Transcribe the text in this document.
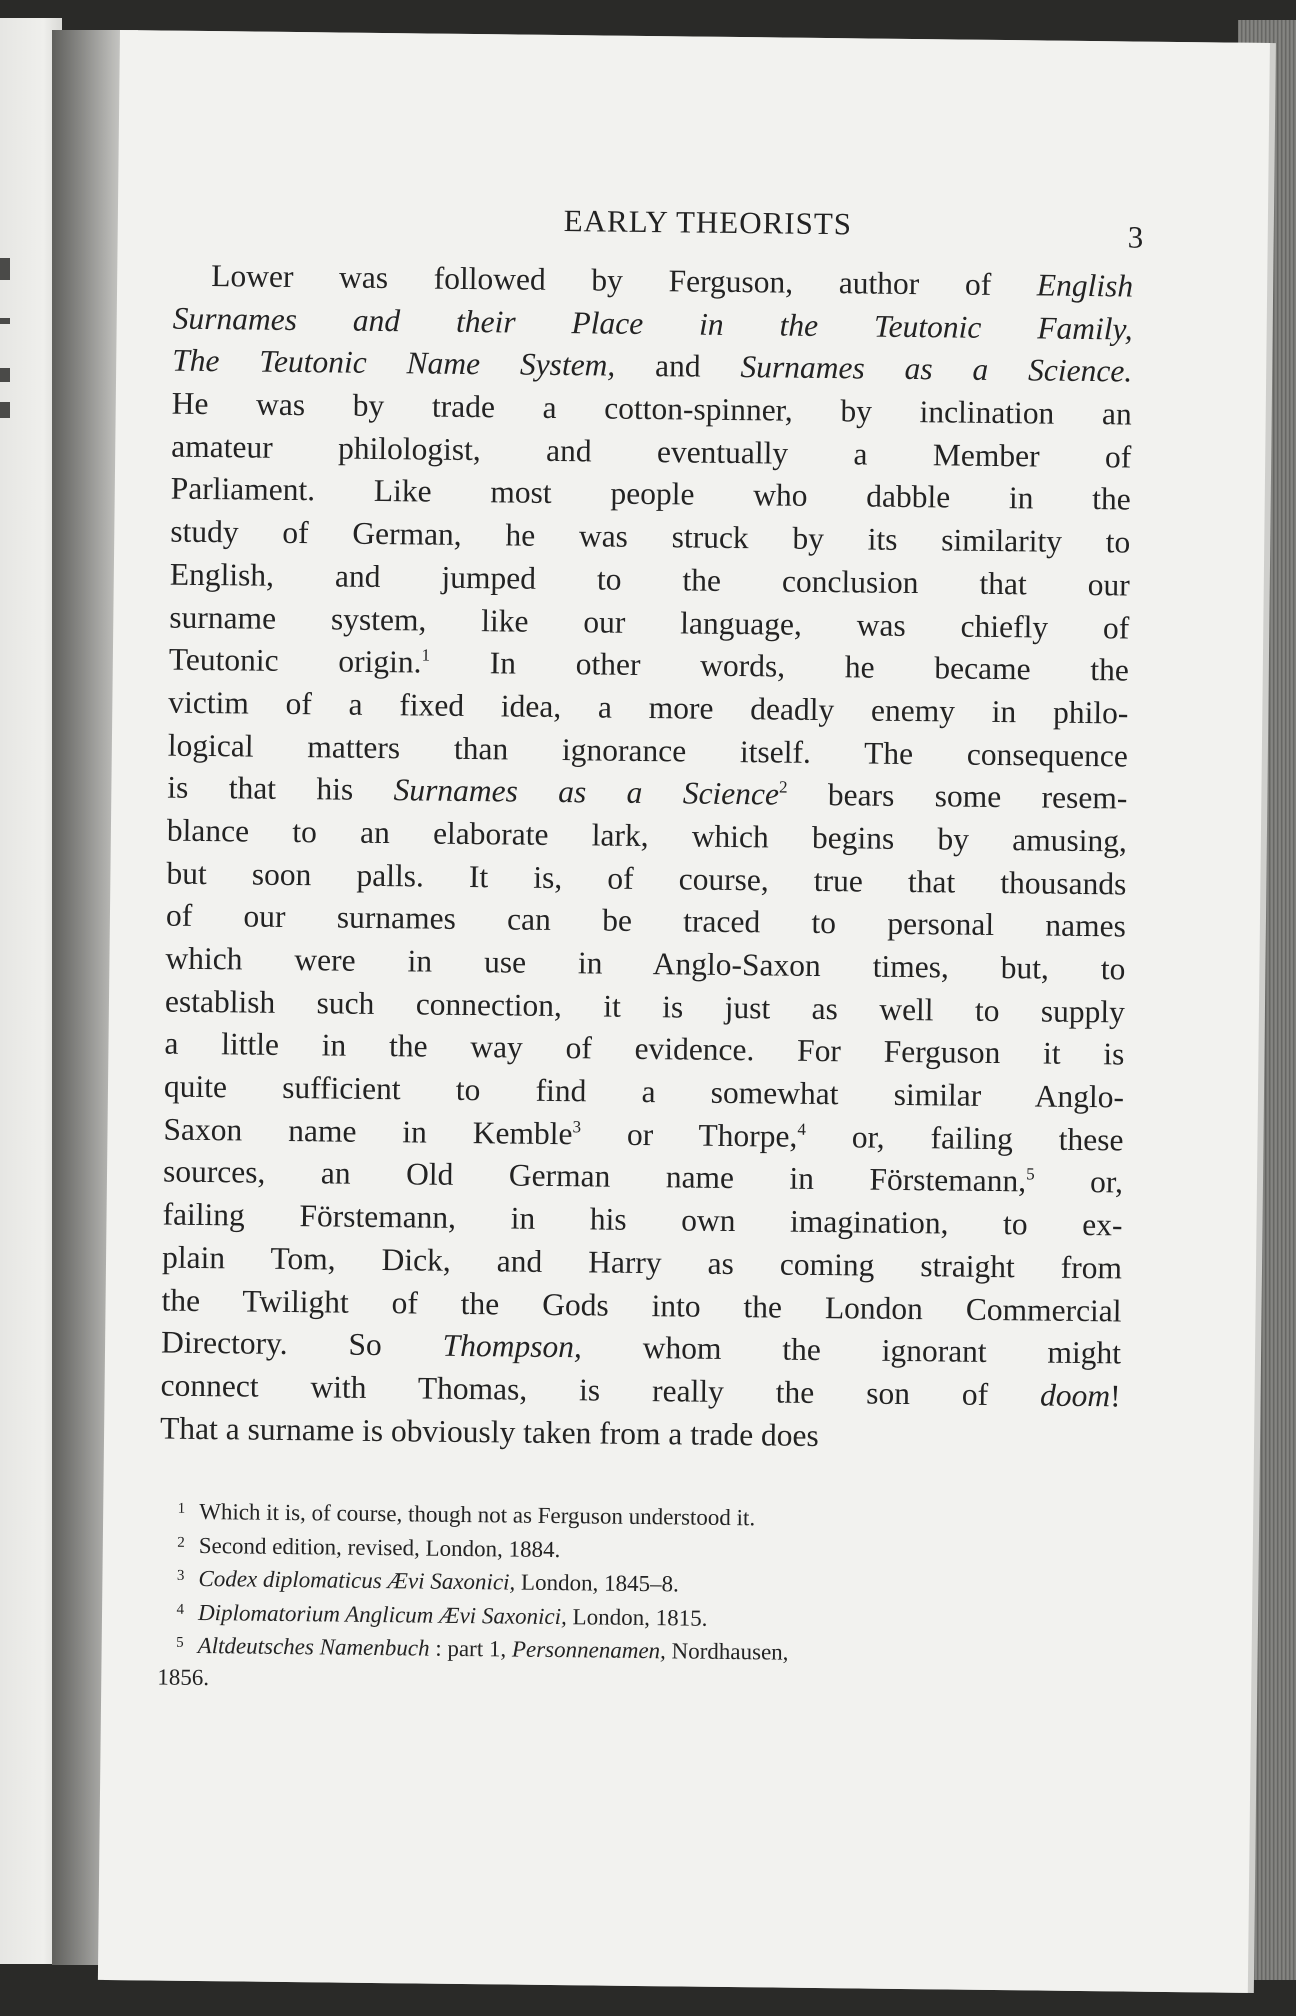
EARLY THEORISTS	3
Lower was followed by Ferguson, author of English
Surnames and their Place in the Teutonic Family,
The Teutonic Name System, and Surnames as a Science.
He was by trade a cotton-spinner, by inclination an
amateur philologist, and eventually a Member of
Parliament. Like most people who dabble in the
study of German, he was struck by its similarity to
English, and jumped to the conclusion that our
surname system, like our language, was chiefly of
Teutonic origin.$^1$ In other words, he became the
victim of a fixed idea, a more deadly enemy in philo-
logical matters than ignorance itself. The consequence
is that his Surnames as a Science$^2$ bears some resem-
blance to an elaborate lark, which begins by amusing,
but soon palls. It is, of course, true that thousands
of our surnames can be traced to personal names
which were in use in Anglo-Saxon times, but, to
establish such connection, it is just as well to supply
a little in the way of evidence. For Ferguson it is
quite sufficient to find a somewhat similar Anglo-
Saxon name in Kemble$^3$ or Thorpe,$^4$ or, failing these
sources, an Old German name in Förstemann,$^5$ or,
failing Förstemann, in his own imagination, to ex-
plain Tom, Dick, and Harry as coming straight from
the Twilight of the Gods into the London Commercial
Directory. So Thompson, whom the ignorant might
connect with Thomas, is really the son of doom!
That a surname is obviously taken from a trade does
1 Which it is, of course, though not as Ferguson understood it.
2 Second edition, revised, London, 1884.
3 Codex diplomaticus Ævi Saxonici, London, 1845–8.
4 Diplomatorium Anglicum Ævi Saxonici, London, 1815.
5 Altdeutsches Namenbuch : part 1, Personnenamen, Nordhausen,
1856.
